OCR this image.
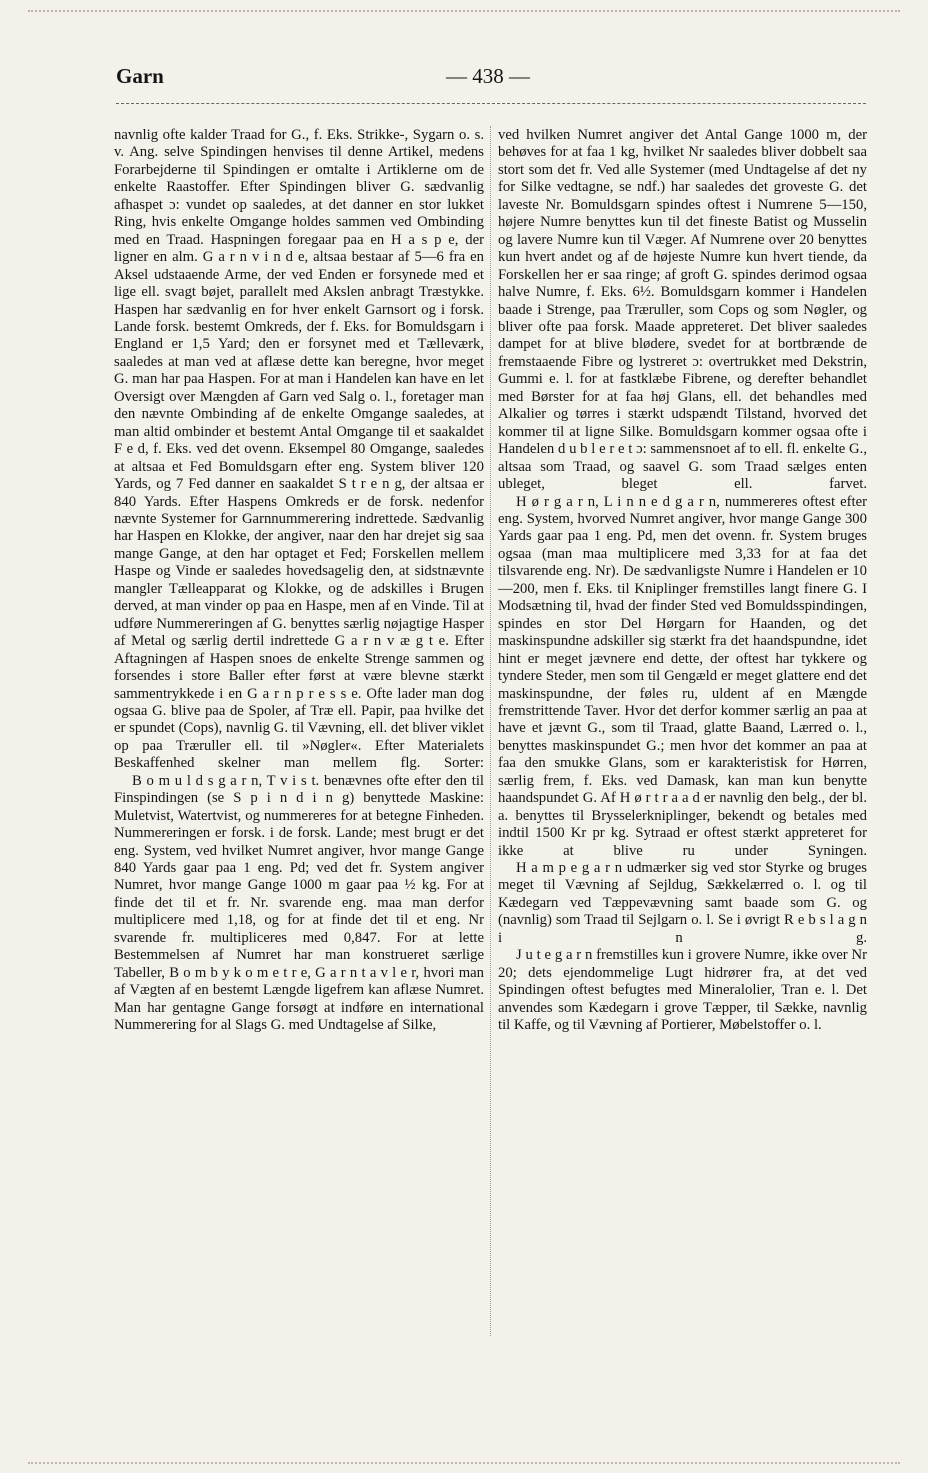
Garn	— 438 —

navnlig ofte kalder Traad for G., f. Eks. Strikke-, Sygarn o. s. v. Ang. selve Spindingen henvises til denne Artikel, medens Forarbejderne til Spindingen er omtalte i Artiklerne om de enkelte Raastoffer. Efter Spindingen bliver G. sædvanlig afhaspet ɔ: vundet op saaledes, at det danner en stor lukket Ring, hvis enkelte Omgange holdes sammen ved Ombinding med en Traad. Haspningen foregaar paa en H a s p e, der ligner en alm. G a r n v i n d e, altsaa bestaar af 5—6 fra en Aksel udstaaende Arme, der ved Enden er forsynede med et lige ell. svagt bøjet, parallelt med Akslen anbragt Træstykke. Haspen har sædvanlig en for hver enkelt Garnsort og i forsk. Lande forsk. bestemt Omkreds, der f. Eks. for Bomuldsgarn i England er 1,5 Yard; den er forsynet med et Tælleværk, saaledes at man ved at aflæse dette kan beregne, hvor meget G. man har paa Haspen. For at man i Handelen kan have en let Oversigt over Mængden af Garn ved Salg o. l., foretager man den nævnte Ombinding af de enkelte Omgange saaledes, at man altid ombinder et bestemt Antal Omgange til et saakaldet F e d, f. Eks. ved det ovenn. Eksempel 80 Omgange, saaledes at altsaa et Fed Bomuldsgarn efter eng. System bliver 120 Yards, og 7 Fed danner en saakaldet S t r e n g, der altsaa er 840 Yards. Efter Haspens Omkreds er de forsk. nedenfor nævnte Systemer for Garnnummerering indrettede. Sædvanlig har Haspen en Klokke, der angiver, naar den har drejet sig saa mange Gange, at den har optaget et Fed; Forskellen mellem Haspe og Vinde er saaledes hovedsagelig den, at sidstnævnte mangler Tælleapparat og Klokke, og de adskilles i Brugen derved, at man vinder op paa en Haspe, men af en Vinde. Til at udføre Nummereringen af G. benyttes særlig nøjagtige Hasper af Metal og særlig dertil indrettede G a r n v æ g t e. Efter Aftagningen af Haspen snoes de enkelte Strenge sammen og forsendes i store Baller efter først at være blevne stærkt sammentrykkede i en G a r n p r e s s e. Ofte lader man dog ogsaa G. blive paa de Spoler, af Træ ell. Papir, paa hvilke det er spundet (Cops), navnlig G. til Vævning, ell. det bliver viklet op paa Træruller ell. til »Nøgler«. Efter Materialets Beskaffenhed skelner man mellem flg. Sorter:

B o m u l d s g a r n, T v i s t. benævnes ofte efter den til Finspindingen (se S p i n d i n g) benyttede Maskine: Muletvist, Watertvist, og nummereres for at betegne Finheden. Nummereringen er forsk. i de forsk. Lande; mest brugt er det eng. System, ved hvilket Numret angiver, hvor mange Gange 840 Yards gaar paa 1 eng. Pd; ved det fr. System angiver Numret, hvor mange Gange 1000 m gaar paa ½ kg. For at finde det til et fr. Nr. svarende eng. maa man derfor multiplicere med 1,18, og for at finde det til et eng. Nr svarende fr. multipliceres med 0,847. For at lette Bestemmelsen af Numret har man konstrueret særlige Tabeller, B o m b y k o m e t r e, G a r n t a v l e r, hvori man af Vægten af en bestemt Længde ligefrem kan aflæse Numret. Man har gentagne Gange forsøgt at indføre en international Nummerering for al Slags G. med Undtagelse af Silke,

ved hvilken Numret angiver det Antal Gange 1000 m, der behøves for at faa 1 kg, hvilket Nr saaledes bliver dobbelt saa stort som det fr. Ved alle Systemer (med Undtagelse af det ny for Silke vedtagne, se ndf.) har saaledes det groveste G. det laveste Nr. Bomuldsgarn spindes oftest i Numrene 5—150, højere Numre benyttes kun til det fineste Batist og Musselin og lavere Numre kun til Væger. Af Numrene over 20 benyttes kun hvert andet og af de højeste Numre kun hvert tiende, da Forskellen her er saa ringe; af groft G. spindes derimod ogsaa halve Numre, f. Eks. 6½. Bomuldsgarn kommer i Handelen baade i Strenge, paa Træruller, som Cops og som Nøgler, og bliver ofte paa forsk. Maade appreteret. Det bliver saaledes dampet for at blive blødere, svedet for at bortbrænde de fremstaaende Fibre og lystreret ɔ: overtrukket med Dekstrin, Gummi e. l. for at fastklæbe Fibrene, og derefter behandlet med Børster for at faa høj Glans, ell. det behandles med Alkalier og tørres i stærkt udspændt Tilstand, hvorved det kommer til at ligne Silke. Bomuldsgarn kommer ogsaa ofte i Handelen d u b l e r e t ɔ: sammensnoet af to ell. fl. enkelte G., altsaa som Traad, og saavel G. som Traad sælges enten ubleget, bleget ell. farvet.

H ø r g a r n, L i n n e d g a r n, nummereres oftest efter eng. System, hvorved Numret angiver, hvor mange Gange 300 Yards gaar paa 1 eng. Pd, men det ovenn. fr. System bruges ogsaa (man maa multiplicere med 3,33 for at faa det tilsvarende eng. Nr). De sædvanligste Numre i Handelen er 10—200, men f. Eks. til Kniplinger fremstilles langt finere G. I Modsætning til, hvad der finder Sted ved Bomuldsspindingen, spindes en stor Del Hørgarn for Haanden, og det maskinspundne adskiller sig stærkt fra det haandspundne, idet hint er meget jævnere end dette, der oftest har tykkere og tyndere Steder, men som til Gengæld er meget glattere end det maskinspundne, der føles ru, uldent af en Mængde fremstrittende Taver. Hvor det derfor kommer særlig an paa at have et jævnt G., som til Traad, glatte Baand, Lærred o. l., benyttes maskinspundet G.; men hvor det kommer an paa at faa den smukke Glans, som er karakteristisk for Hørren, særlig frem, f. Eks. ved Damask, kan man kun benytte haandspundet G. Af H ø r t r a a d er navnlig den belg., der bl. a. benyttes til Brysselerkniplinger, bekendt og betales med indtil 1500 Kr pr kg. Sytraad er oftest stærkt appreteret for ikke at blive ru under Syningen.

H a m p e g a r n udmærker sig ved stor Styrke og bruges meget til Vævning af Sejldug, Sækkelærred o. l. og til Kædegarn ved Tæppevævning samt baade som G. og (navnlig) som Traad til Sejlgarn o. l. Se i øvrigt R e b s l a g n i n g.

J u t e g a r n fremstilles kun i grovere Numre, ikke over Nr 20; dets ejendommelige Lugt hidrører fra, at det ved Spindingen oftest befugtes med Mineralolier, Tran e. l. Det anvendes som Kædegarn i grove Tæpper, til Sække, navnlig til Kaffe, og til Vævning af Portierer, Møbelstoffer o. l.
